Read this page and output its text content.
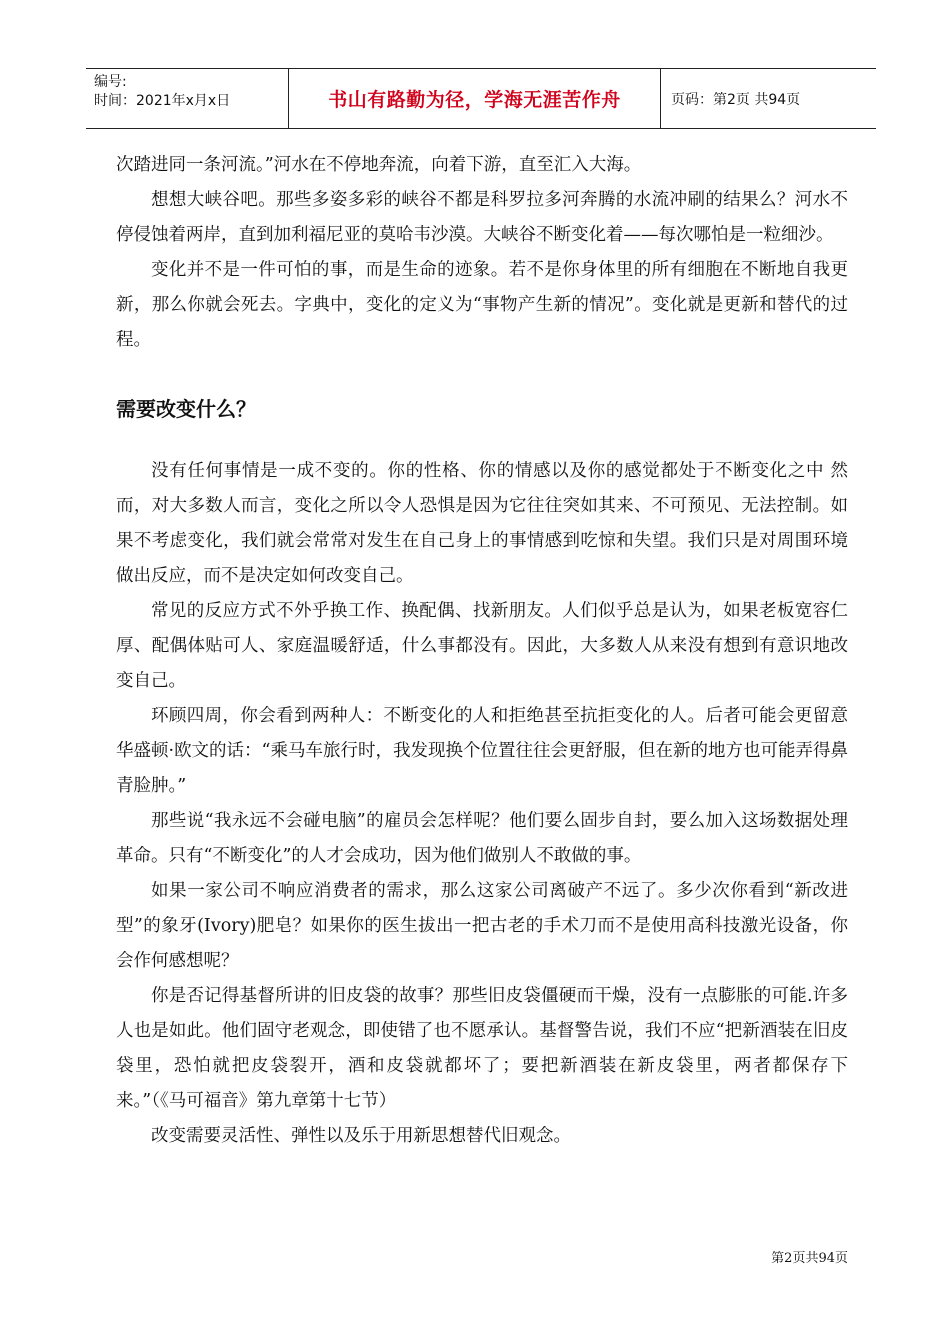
编号:
时间：2021年x月x日	书山有路勤为径，学海无涯苦作舟	页码：第2页 共94页

次踏进同一条河流。”河水在不停地奔流，向着下游，直至汇入大海。

想想大峡谷吧。那些多姿多彩的峡谷不都是科罗拉多河奔腾的水流冲刷的结果么？河水不停侵蚀着两岸，直到加利福尼亚的莫哈韦沙漠。大峡谷不断变化着——每次哪怕是一粒细沙。

变化并不是一件可怕的事，而是生命的迹象。若不是你身体里的所有细胞在不断地自我更新，那么你就会死去。字典中，变化的定义为“事物产生新的情况”。变化就是更新和替代的过程。

需要改变什么？

没有任何事情是一成不变的。你的性格、你的情感以及你的感觉都处于不断变化之中 然而，对大多数人而言，变化之所以令人恐惧是因为它往往突如其来、不可预见、无法控制。如果不考虑变化，我们就会常常对发生在自己身上的事情感到吃惊和失望。我们只是对周围环境做出反应，而不是决定如何改变自己。

常见的反应方式不外乎换工作、换配偶、找新朋友。人们似乎总是认为，如果老板宽容仁厚、配偶体贴可人、家庭温暖舒适，什么事都没有。因此，大多数人从来没有想到有意识地改变自己。

环顾四周，你会看到两种人：不断变化的人和拒绝甚至抗拒变化的人。后者可能会更留意华盛顿·欧文的话：“乘马车旅行时，我发现换个位置往往会更舒服，但在新的地方也可能弄得鼻青脸肿。”

那些说“我永远不会碰电脑”的雇员会怎样呢？他们要么固步自封，要么加入这场数据处理革命。只有“不断变化”的人才会成功，因为他们做别人不敢做的事。

如果一家公司不响应消费者的需求，那么这家公司离破产不远了。多少次你看到“新改进型”的象牙(Ivory)肥皂？如果你的医生拔出一把古老的手术刀而不是使用高科技激光设备，你会作何感想呢？

你是否记得基督所讲的旧皮袋的故事？那些旧皮袋僵硬而干燥，没有一点膨胀的可能.许多人也是如此。他们固守老观念，即使错了也不愿承认。基督警告说，我们不应“把新酒装在旧皮袋里，恐怕就把皮袋裂开，酒和皮袋就都坏了；要把新酒装在新皮袋里，两者都保存下来。”（《马可福音》第九章第十七节）

改变需要灵活性、弹性以及乐于用新思想替代旧观念。

第2页共94页
